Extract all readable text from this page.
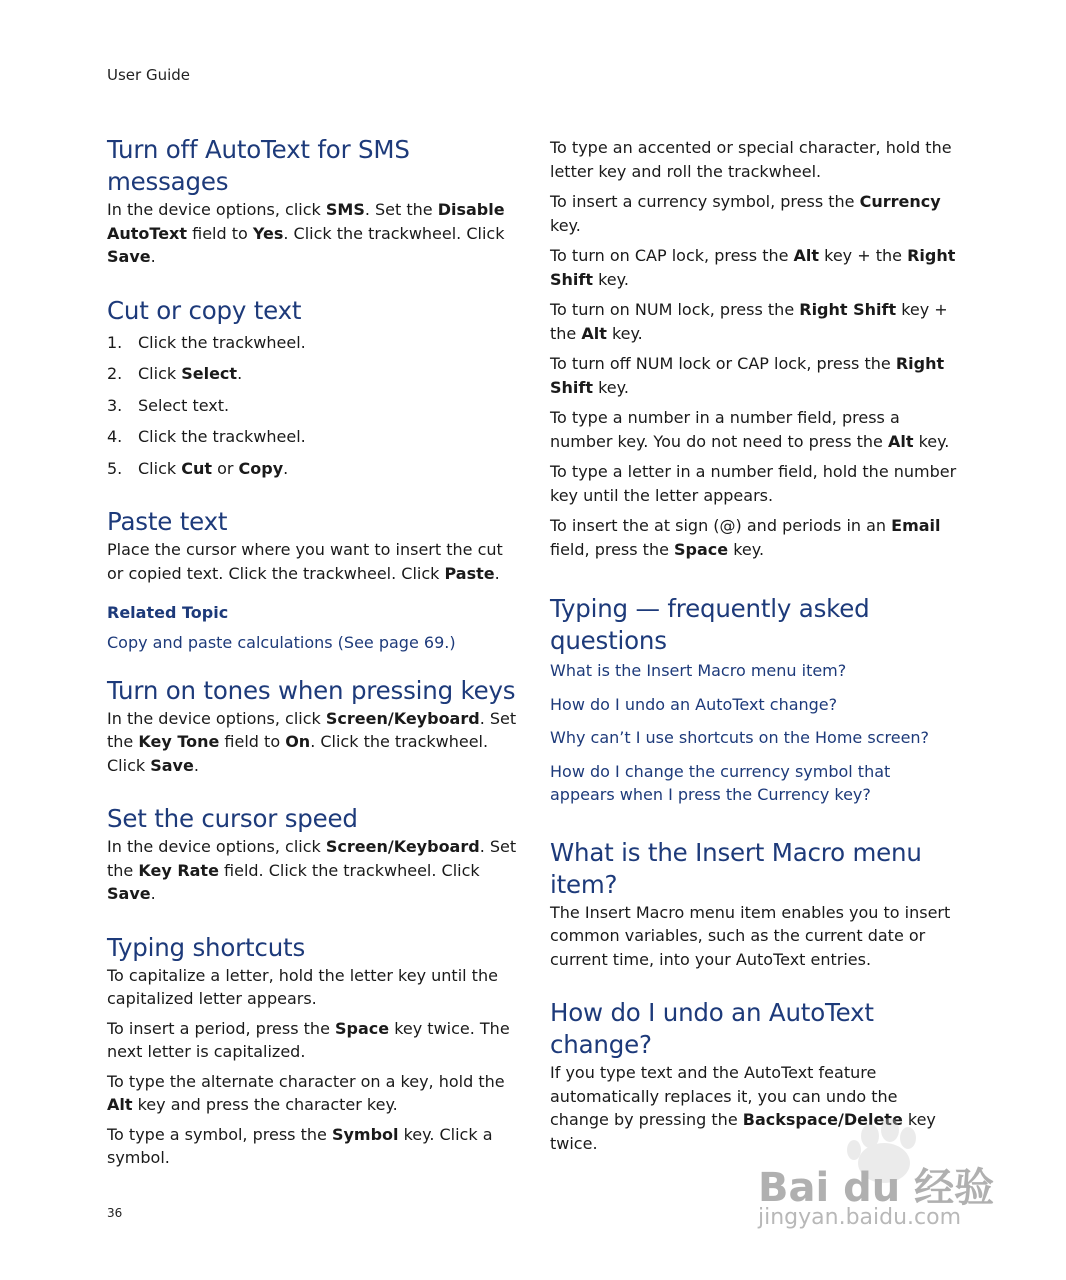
User Guide
Turn off AutoText for SMS messages

In the device options, click SMS. Set the Disable AutoText field to Yes. Click the trackwheel. Click Save.

Cut or copy text
1. Click the trackwheel.
2. Click Select.
3. Select text.
4. Click the trackwheel.
5. Click Cut or Copy.
Paste text

Place the cursor where you want to insert the cut or copied text. Click the trackwheel. Click Paste.

Related Topic
Copy and paste calculations (See page 69.)
Turn on tones when pressing keys

In the device options, click Screen/Keyboard. Set the Key Tone field to On. Click the trackwheel. Click Save.

Set the cursor speed

In the device options, click Screen/Keyboard. Set the Key Rate field. Click the trackwheel. Click Save.

Typing shortcuts

To capitalize a letter, hold the letter key until the capitalized letter appears.

To insert a period, press the Space key twice. The next letter is capitalized.

To type the alternate character on a key, hold the Alt key and press the character key.

To type a symbol, press the Symbol key. Click a symbol.

To type an accented or special character, hold the letter key and roll the trackwheel.

To insert a currency symbol, press the Currency key.

To turn on CAP lock, press the Alt key + the Right Shift key.

To turn on NUM lock, press the Right Shift key + the Alt key.

To turn off NUM lock or CAP lock, press the Right Shift key.

To type a number in a number field, press a number key. You do not need to press the Alt key.

To type a letter in a number field, hold the number key until the letter appears.

To insert the at sign (@) and periods in an Email field, press the Space key.

Typing — frequently asked questions
What is the Insert Macro menu item?
How do I undo an AutoText change?
Why can’t I use shortcuts on the Home screen?
How do I change the currency symbol that appears when I press the Currency key?
What is the Insert Macro menu item?

The Insert Macro menu item enables you to insert common variables, such as the current date or current time, into your AutoText entries.

How do I undo an AutoText change?

If you type text and the AutoText feature automatically replaces it, you can undo the change by pressing the Backspace/Delete key twice.

36
Bai du 经验
jingyan.baidu.com
